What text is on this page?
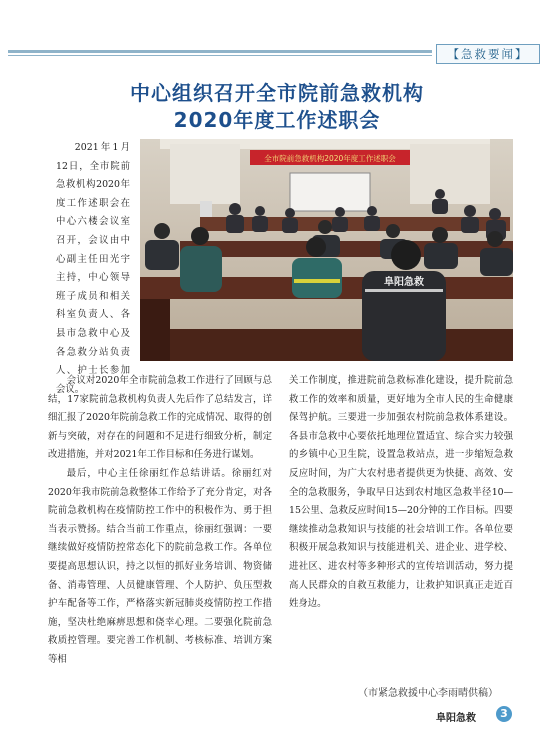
【急救要闻】
中心组织召开全市院前急救机构
2020年度工作述职会
2021年1月12日，全市院前急救机构2020年度工作述职会在中心六楼会议室召开，会议由中心副主任田光宇主持，中心领导班子成员和相关科室负责人、各县市急救中心及各急救分站负责人、护士长参加会议。
全市院前急救机构2020年度工作述职会
阜阳急救
会议对2020年全市院前急救工作进行了回顾与总结，17家院前急救机构负责人先后作了总结发言，详细汇报了2020年院前急救工作的完成情况、取得的创新与突破，对存在的问题和不足进行细致分析，制定改进措施，并对2021年工作目标和任务进行谋划。
最后，中心主任徐丽红作总结讲话。徐丽红对2020年我市院前急救整体工作给予了充分肯定，对各院前急救机构在疫情防控工作中的积极作为、勇于担当表示赞扬。结合当前工作重点，徐丽红强调：一要继续做好疫情防控常态化下的院前急救工作。各单位要提高思想认识，持之以恒的抓好业务培训、物资储备、消毒管理、人员健康管理、个人防护、负压型救护车配备等工作，严格落实新冠肺炎疫情防控工作措施，坚决杜绝麻痹思想和侥幸心理。二要强化院前急救质控管理。要完善工作机制、考核标准、培训方案等相
关工作制度，推进院前急救标准化建设，提升院前急救工作的效率和质量，更好地为全市人民的生命健康保驾护航。三要进一步加强农村院前急救体系建设。各县市急救中心要依托地理位置适宜、综合实力较强的乡镇中心卫生院，设置急救站点，进一步缩短急救反应时间，为广大农村患者提供更为快捷、高效、安全的急救服务，争取早日达到农村地区急救半径10—15公里、急救反应时间15—20分钟的工作目标。四要继续推动急救知识与技能的社会培训工作。各单位要积极开展急救知识与技能进机关、进企业、进学校、进社区、进农村等多种形式的宣传培训活动，努力提高人民群众的自救互救能力，让救护知识真正走近百姓身边。
（市紧急救援中心李雨晴供稿）
阜阳急救	3
